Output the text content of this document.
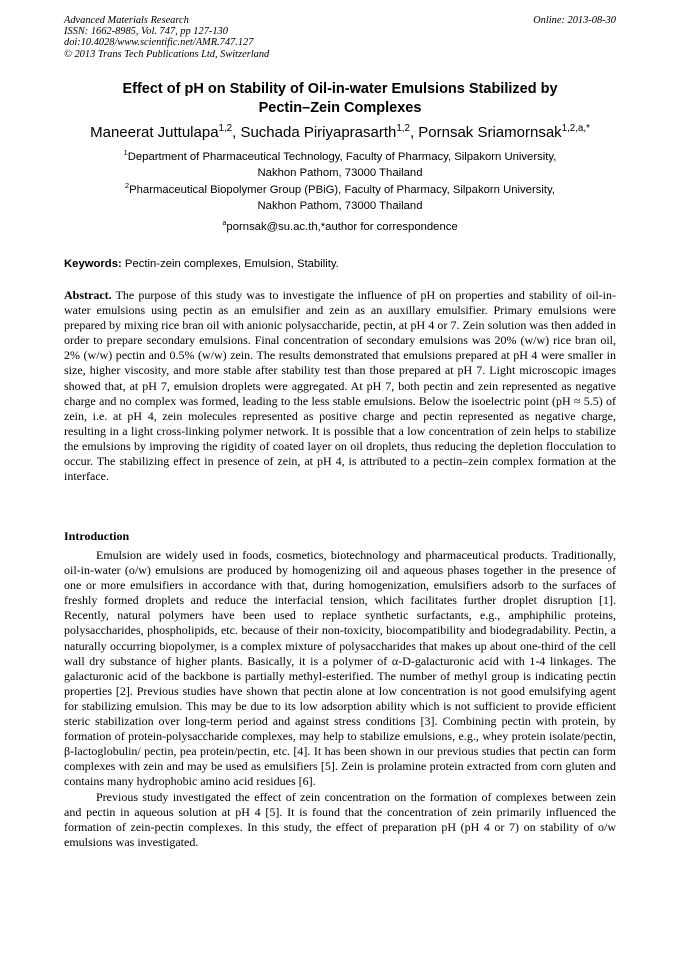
Advanced Materials Research
ISSN: 1662-8985, Vol. 747, pp 127-130
doi:10.4028/www.scientific.net/AMR.747.127
© 2013 Trans Tech Publications Ltd, Switzerland
Online: 2013-08-30
Effect of pH on Stability of Oil-in-water Emulsions Stabilized by
Pectin–Zein Complexes
Maneerat Juttulapa$^{1,2}$, Suchada Piriyaprasarth$^{1,2}$, Pornsak Sriamornsak$^{1,2,a,*}$
$^1$Department of Pharmaceutical Technology, Faculty of Pharmacy, Silpakorn University,
Nakhon Pathom, 73000 Thailand
$^2$Pharmaceutical Biopolymer Group (PBiG), Faculty of Pharmacy, Silpakorn University,
Nakhon Pathom, 73000 Thailand
$^a$pornsak@su.ac.th,*author for correspondence
Keywords: Pectin-zein complexes, Emulsion, Stability.
Abstract. The purpose of this study was to investigate the influence of pH on properties and stability of oil-in-water emulsions using pectin as an emulsifier and zein as an auxillary emulsifier. Primary emulsions were prepared by mixing rice bran oil with anionic polysaccharide, pectin, at pH 4 or 7. Zein solution was then added in order to prepare secondary emulsions. Final concentration of secondary emulsions was 20% (w/w) rice bran oil, 2% (w/w) pectin and 0.5% (w/w) zein. The results demonstrated that emulsions prepared at pH 4 were smaller in size, higher viscosity, and more stable after stability test than those prepared at pH 7. Light microscopic images showed that, at pH 7, emulsion droplets were aggregated. At pH 7, both pectin and zein represented as negative charge and no complex was formed, leading to the less stable emulsions. Below the isoelectric point (pH ≈ 5.5) of zein, i.e. at pH 4, zein molecules represented as positive charge and pectin represented as negative charge, resulting in a light cross-linking polymer network. It is possible that a low concentration of zein helps to stabilize the emulsions by improving the rigidity of coated layer on oil droplets, thus reducing the depletion flocculation to occur. The stabilizing effect in presence of zein, at pH 4, is attributed to a pectin–zein complex formation at the interface.
Introduction

Emulsion are widely used in foods, cosmetics, biotechnology and pharmaceutical products. Traditionally, oil-in-water (o/w) emulsions are produced by homogenizing oil and aqueous phases together in the presence of one or more emulsifiers in accordance with that, during homogenization, emulsifiers adsorb to the surfaces of freshly formed droplets and reduce the interfacial tension, which facilitates further droplet disruption [1]. Recently, natural polymers have been used to replace synthetic surfactants, e.g., amphiphilic proteins, polysaccharides, phospholipids, etc. because of their non-toxicity, biocompatibility and biodegradability. Pectin, a naturally occurring biopolymer, is a complex mixture of polysaccharides that makes up about one-third of the cell wall dry substance of higher plants. Basically, it is a polymer of α-D-galacturonic acid with 1-4 linkages. The galacturonic acid of the backbone is partially methyl-esterified. The number of methyl group is indicating pectin properties [2]. Previous studies have shown that pectin alone at low concentration is not good emulsifying agent for stabilizing emulsion. This may be due to its low adsorption ability which is not sufficient to provide efficient steric stabilization over long-term period and against stress conditions [3]. Combining pectin with protein, by formation of protein-polysaccharide complexes, may help to stabilize emulsions, e.g., whey protein isolate/pectin, β-lactoglobulin/ pectin, pea protein/pectin, etc. [4]. It has been shown in our previous studies that pectin can form complexes with zein and may be used as emulsifiers [5]. Zein is prolamine protein extracted from corn gluten and contains many hydrophobic amino acid residues [6].

Previous study investigated the effect of zein concentration on the formation of complexes between zein and pectin in aqueous solution at pH 4 [5]. It is found that the concentration of zein primarily influenced the formation of zein-pectin complexes. In this study, the effect of preparation pH (pH 4 or 7) on stability of o/w emulsions was investigated.
